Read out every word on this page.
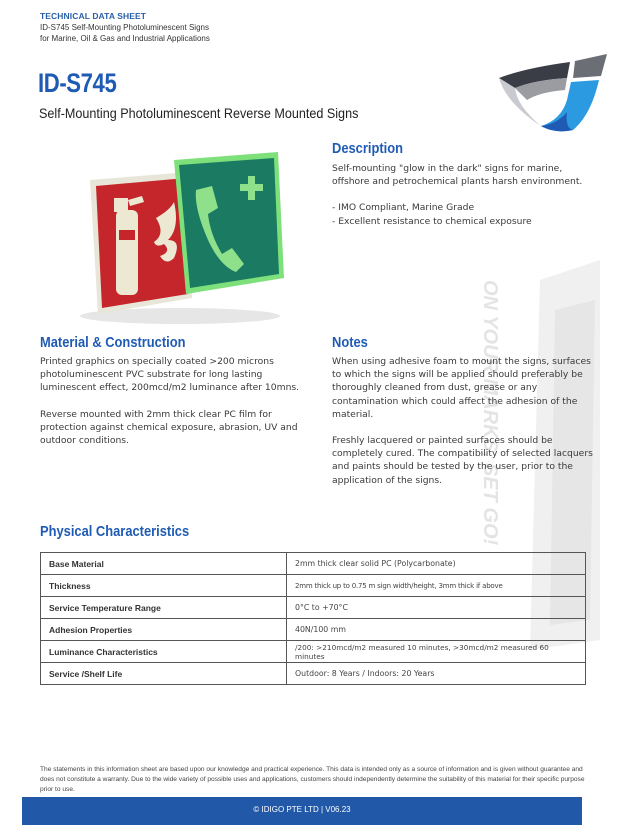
TECHNICAL DATA SHEET
ID-S745 Self-Mounting Photoluminescent Signs
for Marine, Oil & Gas and Industrial Applications
ID-S745
Self-Mounting Photoluminescent Reverse Mounted Signs
ON YOUR MARKS, SET GO!
Description

Self-mounting "glow in the dark" signs for marine, offshore and petrochemical plants harsh environment.

- IMO Compliant, Marine Grade
- Excellent resistance to chemical exposure
Material & Construction

Printed graphics on specially coated >200 microns photoluminescent PVC substrate for long lasting luminescent effect, 200mcd/m2 luminance after 10mns.

Reverse mounted with 2mm thick clear PC film for protection against chemical exposure, abrasion, UV and outdoor conditions.

Notes

When using adhesive foam to mount the signs, surfaces to which the signs will be applied should preferably be thoroughly cleaned from dust, grease or any contamination which could affect the adhesion of the material.

Freshly lacquered or painted surfaces should be completely cured. The compatibility of selected lacquers and paints should be tested by the user, prior to the application of the signs.

Physical Characteristics
Base Material	2mm thick clear solid PC (Polycarbonate)
Thickness	2mm thick up to 0.75 m sign width/height, 3mm thick if above
Service Temperature Range	0°C to +70°C
Adhesion Properties	40N/100 mm
Luminance Characteristics	/200: >210mcd/m2 measured 10 minutes, >30mcd/m2 measured 60 minutes
Service /Shelf Life	Outdoor: 8 Years / Indoors: 20 Years
The statements in this information sheet are based upon our knowledge and practical experience. This data is intended only as a source of information and is given without guarantee and does not constitute a warranty. Due to the wide variety of possible uses and applications, customers should independently determine the suitability of this material for their specific purpose prior to use.
© IDIGO PTE LTD | V06.23
